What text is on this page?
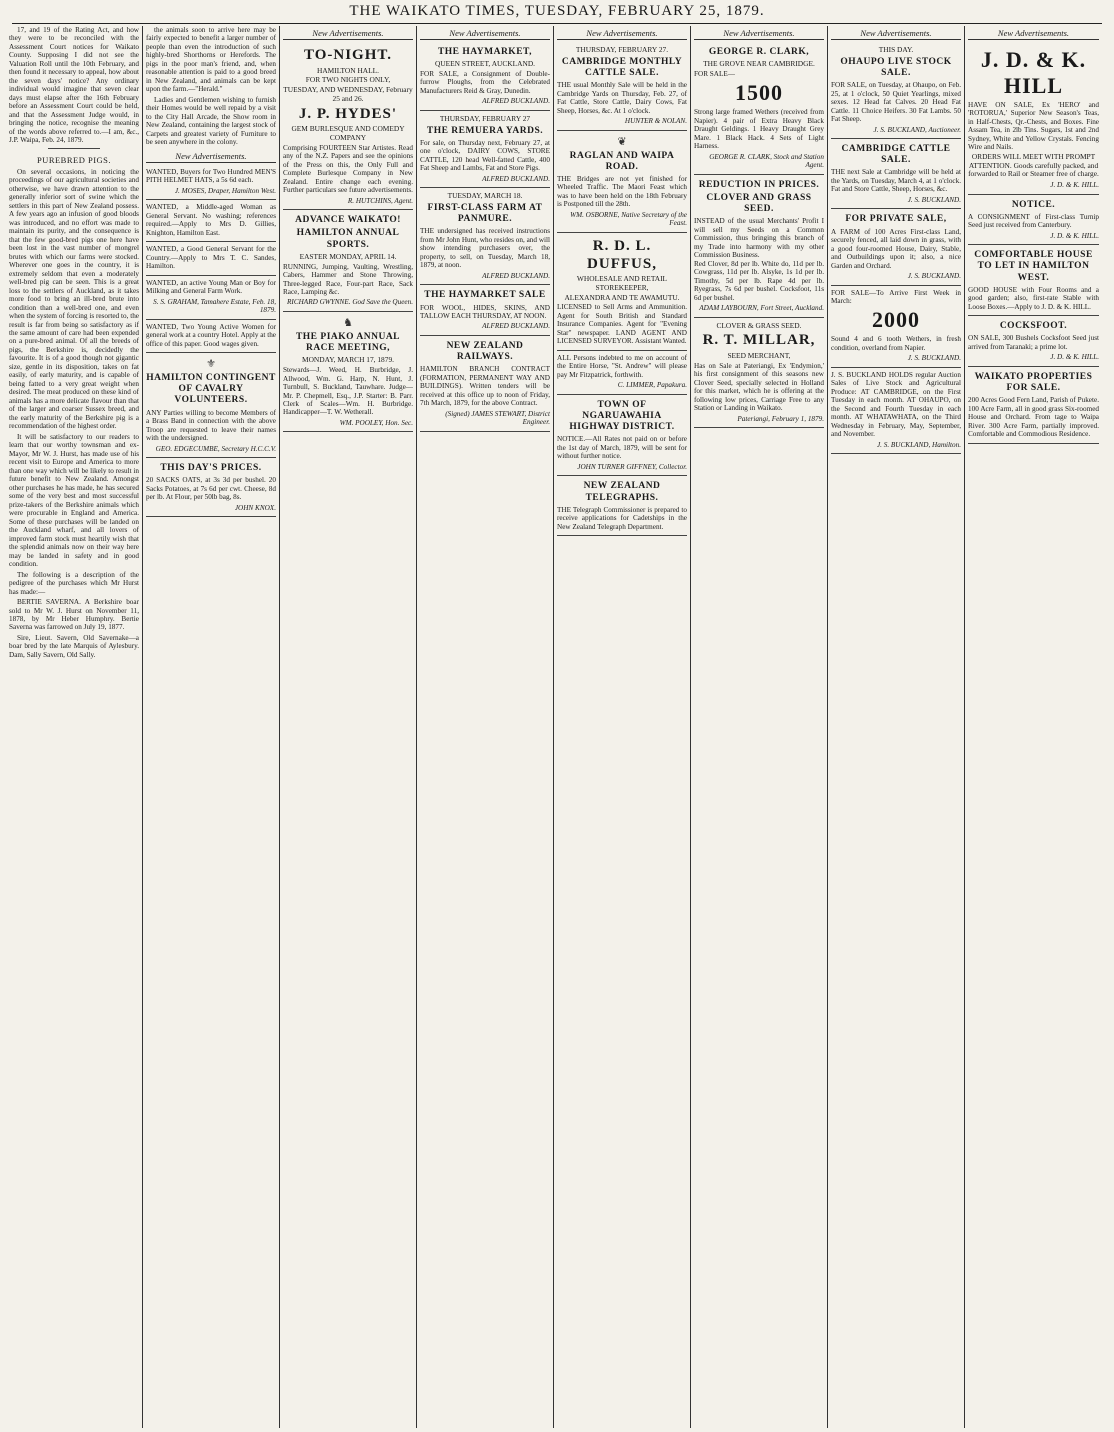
THE WAIKATO TIMES, TUESDAY, FEBRUARY 25, 1879.

17, and 19 of the Rating Act, and how they were to be reconciled with the Assessment Court notices for Waikato County. Supposing I did not see the Valuation Roll until the 10th February, and then found it necessary to appeal, how about the seven days' notice? Any ordinary individual would imagine that seven clear days must elapse after the 16th February before an Assessment Court could be held, and that the Assessment Judge would, in bringing the notice, recognise the meaning of the words above referred to.—I am, &c., J.P. Waipa, Feb. 24, 1879.

PUREBRED PIGS.

On several occasions, in noticing the proceedings of our agricultural societies and otherwise, we have drawn attention to the generally inferior sort of swine which the settlers in this part of New Zealand possess. A few years ago an infusion of good bloods was introduced, and no effort was made to maintain its purity, and the consequence is that the few good-bred pigs one here have been lost in the vast number of mongrel brutes with which our farms were stocked. Wherever one goes in the country, it is extremely seldom that even a moderately well-bred pig can be seen. This is a great loss to the settlers of Auckland, as it takes more food to bring an ill-bred brute into condition than a well-bred one, and even when the system of forcing is resorted to, the result is far from being so satisfactory as if the same amount of care had been expended on a pure-bred animal. Of all the breeds of pigs, the Berkshire is, decidedly the favourite. It is of a good though not gigantic size, gentle in its disposition, takes on fat easily, of early maturity, and is capable of being fatted to a very great weight when desired. The meat produced on these kind of animals has a more delicate flavour than that of the larger and coarser Sussex breed, and the early maturity of the Berkshire pig is a recommendation of the highest order.

It will be satisfactory to our readers to learn that our worthy townsman and ex-Mayor, Mr W. J. Hurst, has made use of his recent visit to Europe and America to more than one way which will be likely to result in future benefit to New Zealand. Amongst other purchases he has made, he has secured some of the very best and most successful prize-takers of the Berkshire animals which were procurable in England and America. Some of these purchases will be landed on the Auckland wharf, and all lovers of improved farm stock must heartily wish that the splendid animals now on their way here may be landed in safety and in good condition.

The following is a description of the pedigree of the purchases which Mr Hurst has made:—

BERTIE SAVERNA. A Berkshire boar sold to Mr W. J. Hurst on November 11, 1878, by Mr Heber Humphry. Bertie Saverna was farrowed on July 19, 1877.

Sire, Lieut. Savern, Old Savernake—a boar bred by the late Marquis of Aylesbury. Dam, Sally Savern, Old Sally.

the animals soon to arrive here may be fairly expected to benefit a larger number of people than even the introduction of such highly-bred Shorthorns or Herefords. The pigs in the poor man's friend, and, when reasonable attention is paid to a good breed in New Zealand, and animals can be kept upon the farm.—"Herald."

Ladies and Gentlemen wishing to furnish their Homes would be well repaid by a visit to the City Hall Arcade, the Show room in New Zealand, containing the largest stock of Carpets and greatest variety of Furniture to be seen anywhere in the colony.

New Advertisements.
WANTED, Buyers for Two Hundred MEN'S PITH HELMET HATS, a 5s 6d each.
J. MOSES, Draper, Hamilton West.
WANTED, a Middle-aged Woman as General Servant. No washing; references required.—Apply to Mrs D. Gillies, Knighton, Hamilton East.
WANTED, a Good General Servant for the Country.—Apply to Mrs T. C. Sandes, Hamilton.
WANTED, an active Young Man or Boy for Milking and General Farm Work.
S. S. GRAHAM, Tamahere Estate, Feb. 18, 1879.
WANTED, Two Young Active Women for general work at a country Hotel. Apply at the office of this paper. Good wages given.
⚜
HAMILTON CONTINGENT OF CAVALRY VOLUNTEERS.
ANY Parties willing to become Members of a Brass Band in connection with the above Troop are requested to leave their names with the undersigned.
GEO. EDGECUMBE, Secretary H.C.C.V.
THIS DAY'S PRICES.
20 SACKS OATS, at 3s 3d per bushel. 20 Sacks Potatoes, at 7s 6d per cwt. Cheese, 8d per lb. At Flour, per 50lb bag, 8s.
JOHN KNOX.
New Advertisements.
TO-NIGHT.
HAMILTON HALL.
FOR TWO NIGHTS ONLY,
TUESDAY, AND WEDNESDAY, February 25 and 26.
J. P. HYDES'
GEM BURLESQUE AND COMEDY COMPANY
Comprising FOURTEEN Star Artistes. Read any of the N.Z. Papers and see the opinions of the Press on this, the Only Full and Complete Burlesque Company in New Zealand. Entire change each evening. Further particulars see future advertisements.
R. HUTCHINS, Agent.
ADVANCE WAIKATO!
HAMILTON ANNUAL SPORTS.
EASTER MONDAY, APRIL 14.
RUNNING, Jumping, Vaulting, Wrestling, Cabers, Hammer and Stone Throwing, Three-legged Race, Four-part Race, Sack Race, Lamping &c.
RICHARD GWYNNE. God Save the Queen.
♞
THE PIAKO ANNUAL RACE MEETING,
MONDAY, MARCH 17, 1879.
Stewards—J. Weed, H. Burbridge, J. Allwood, Wm. G. Harp, N. Hunt, J. Turnbull, S. Buckland, Tauwhare. Judge—Mr. P. Chepmell, Esq., J.P. Starter: B. Parr. Clerk of Scales—Wm. H. Burbridge. Handicapper—T. W. Wetherall.
WM. POOLEY, Hon. Sec.
New Advertisements.
THE HAYMARKET,
QUEEN STREET, AUCKLAND.
FOR SALE, a Consignment of Double-furrow Ploughs, from the Celebrated Manufacturers Reid & Gray, Dunedin.
ALFRED BUCKLAND.
THURSDAY, FEBRUARY 27
THE REMUERA YARDS.
For sale, on Thursday next, February 27, at one o'clock, DAIRY COWS, STORE CATTLE, 120 head Well-fatted Cattle, 400 Fat Sheep and Lambs, Fat and Store Pigs.
ALFRED BUCKLAND.
TUESDAY, MARCH 18.
FIRST-CLASS FARM AT PANMURE.
THE undersigned has received instructions from Mr John Hunt, who resides on, and will show intending purchasers over, the property, to sell, on Tuesday, March 18, 1879, at noon.
ALFRED BUCKLAND.
THE HAYMARKET SALE
FOR WOOL, HIDES, SKINS, AND TALLOW EACH THURSDAY, AT NOON.
ALFRED BUCKLAND.
NEW ZEALAND RAILWAYS.
HAMILTON BRANCH CONTRACT (FORMATION, PERMANENT WAY AND BUILDINGS). Written tenders will be received at this office up to noon of Friday, 7th March, 1879, for the above Contract.
(Signed) JAMES STEWART, District Engineer.
New Advertisements.
THURSDAY, FEBRUARY 27.
CAMBRIDGE MONTHLY CATTLE SALE.
THE usual Monthly Sale will be held in the Cambridge Yards on Thursday, Feb. 27, of Fat Cattle, Store Cattle, Dairy Cows, Fat Sheep, Horses, &c. At 1 o'clock.
HUNTER & NOLAN.
❦
RAGLAN AND WAIPA ROAD.
THE Bridges are not yet finished for Wheeled Traffic. The Maori Feast which was to have been held on the 18th February is Postponed till the 28th.
WM. OSBORNE, Native Secretary of the Feast.
R. D. L. DUFFUS,
WHOLESALE AND RETAIL STOREKEEPER,
ALEXANDRA AND TE AWAMUTU.
LICENSED to Sell Arms and Ammunition. Agent for South British and Standard Insurance Companies. Agent for "Evening Star" newspaper. LAND AGENT AND LICENSED SURVEYOR. Assistant Wanted.
ALL Persons indebted to me on account of the Entire Horse, "St. Andrew" will please pay Mr Fitzpatrick, forthwith.
C. LIMMER, Papakura.
TOWN OF NGARUAWAHIA HIGHWAY DISTRICT.
NOTICE.—All Rates not paid on or before the 1st day of March, 1879, will be sent for without further notice.
JOHN TURNER GIFFNEY, Collector.
NEW ZEALAND TELEGRAPHS.
THE Telegraph Commissioner is prepared to receive applications for Cadetships in the New Zealand Telegraph Department.
New Advertisements.
GEORGE R. CLARK,
THE GROVE NEAR CAMBRIDGE.
FOR SALE—
1500
Strong large framed Wethers (received from Napier). 4 pair of Extra Heavy Black Draught Geldings. 1 Heavy Draught Grey Mare. 1 Black Hack. 4 Sets of Light Harness.
GEORGE R. CLARK, Stock and Station Agent.
REDUCTION IN PRICES.
CLOVER AND GRASS SEED.
INSTEAD of the usual Merchants' Profit I will sell my Seeds on a Common Commission, thus bringing this branch of my Trade into harmony with my other Commission Business.
Red Clover, 8d per lb. White do, 11d per lb. Cowgrass, 11d per lb. Alsyke, 1s 1d per lb. Timothy, 5d per lb. Rape 4d per lb. Ryegrass, 7s 6d per bushel. Cocksfoot, 11s 6d per bushel.
ADAM LAYBOURN, Fort Street, Auckland.
CLOVER & GRASS SEED.
R. T. MILLAR,
SEED MERCHANT,
Has on Sale at Pateriangi, Ex 'Endymion,' his first consignment of this seasons new Clover Seed, specially selected in Holland for this market, which he is offering at the following low prices, Carriage Free to any Station or Landing in Waikato.
Pateriangi, February 1, 1879.
New Advertisements.
THIS DAY.
OHAUPO LIVE STOCK SALE.
FOR SALE, on Tuesday, at Ohaupo, on Feb. 25, at 1 o'clock, 50 Quiet Yearlings, mixed sexes. 12 Head fat Calves. 20 Head Fat Cattle. 11 Choice Heifers. 30 Fat Lambs. 50 Fat Sheep.
J. S. BUCKLAND, Auctioneer.
CAMBRIDGE CATTLE SALE.
THE next Sale at Cambridge will be held at the Yards, on Tuesday, March 4, at 1 o'clock. Fat and Store Cattle, Sheep, Horses, &c.
J. S. BUCKLAND.
FOR PRIVATE SALE,
A FARM of 100 Acres First-class Land, securely fenced, all laid down in grass, with a good four-roomed House, Dairy, Stable, and Outbuildings upon it; also, a nice Garden and Orchard.
J. S. BUCKLAND.
FOR SALE—To Arrive First Week in March:
2000
Sound 4 and 6 tooth Wethers, in fresh condition, overland from Napier.
J. S. BUCKLAND.
J. S. BUCKLAND HOLDS regular Auction Sales of Live Stock and Agricultural Produce: AT CAMBRIDGE, on the First Tuesday in each month. AT OHAUPO, on the Second and Fourth Tuesday in each month. AT WHATAWHATA, on the Third Wednesday in February, May, September, and November.
J. S. BUCKLAND, Hamilton.
New Advertisements.
J. D. & K. HILL
HAVE ON SALE, Ex 'HERO' and 'ROTORUA,' Superior New Season's Teas, in Half-Chests, Qr.-Chests, and Boxes. Fine Assam Tea, in 2lb Tins. Sugars, 1st and 2nd Sydney, White and Yellow Crystals. Fencing Wire and Nails.
ORDERS WILL MEET WITH PROMPT ATTENTION. Goods carefully packed, and forwarded to Rail or Steamer free of charge.
J. D. & K. HILL.
NOTICE.
A CONSIGNMENT of First-class Turnip Seed just received from Canterbury.
J. D. & K. HILL.
COMFORTABLE HOUSE TO LET IN HAMILTON WEST.
GOOD HOUSE with Four Rooms and a good garden; also, first-rate Stable with Loose Boxes.—Apply to J. D. & K. HILL.
COCKSFOOT.
ON SALE, 300 Bushels Cocksfoot Seed just arrived from Taranaki; a prime lot.
J. D. & K. HILL.
WAIKATO PROPERTIES FOR SALE.
200 Acres Good Fern Land, Parish of Pukete. 100 Acre Farm, all in good grass Six-roomed House and Orchard. From tage to Waipa River. 300 Acre Farm, partially improved. Comfortable and Commodious Residence.
